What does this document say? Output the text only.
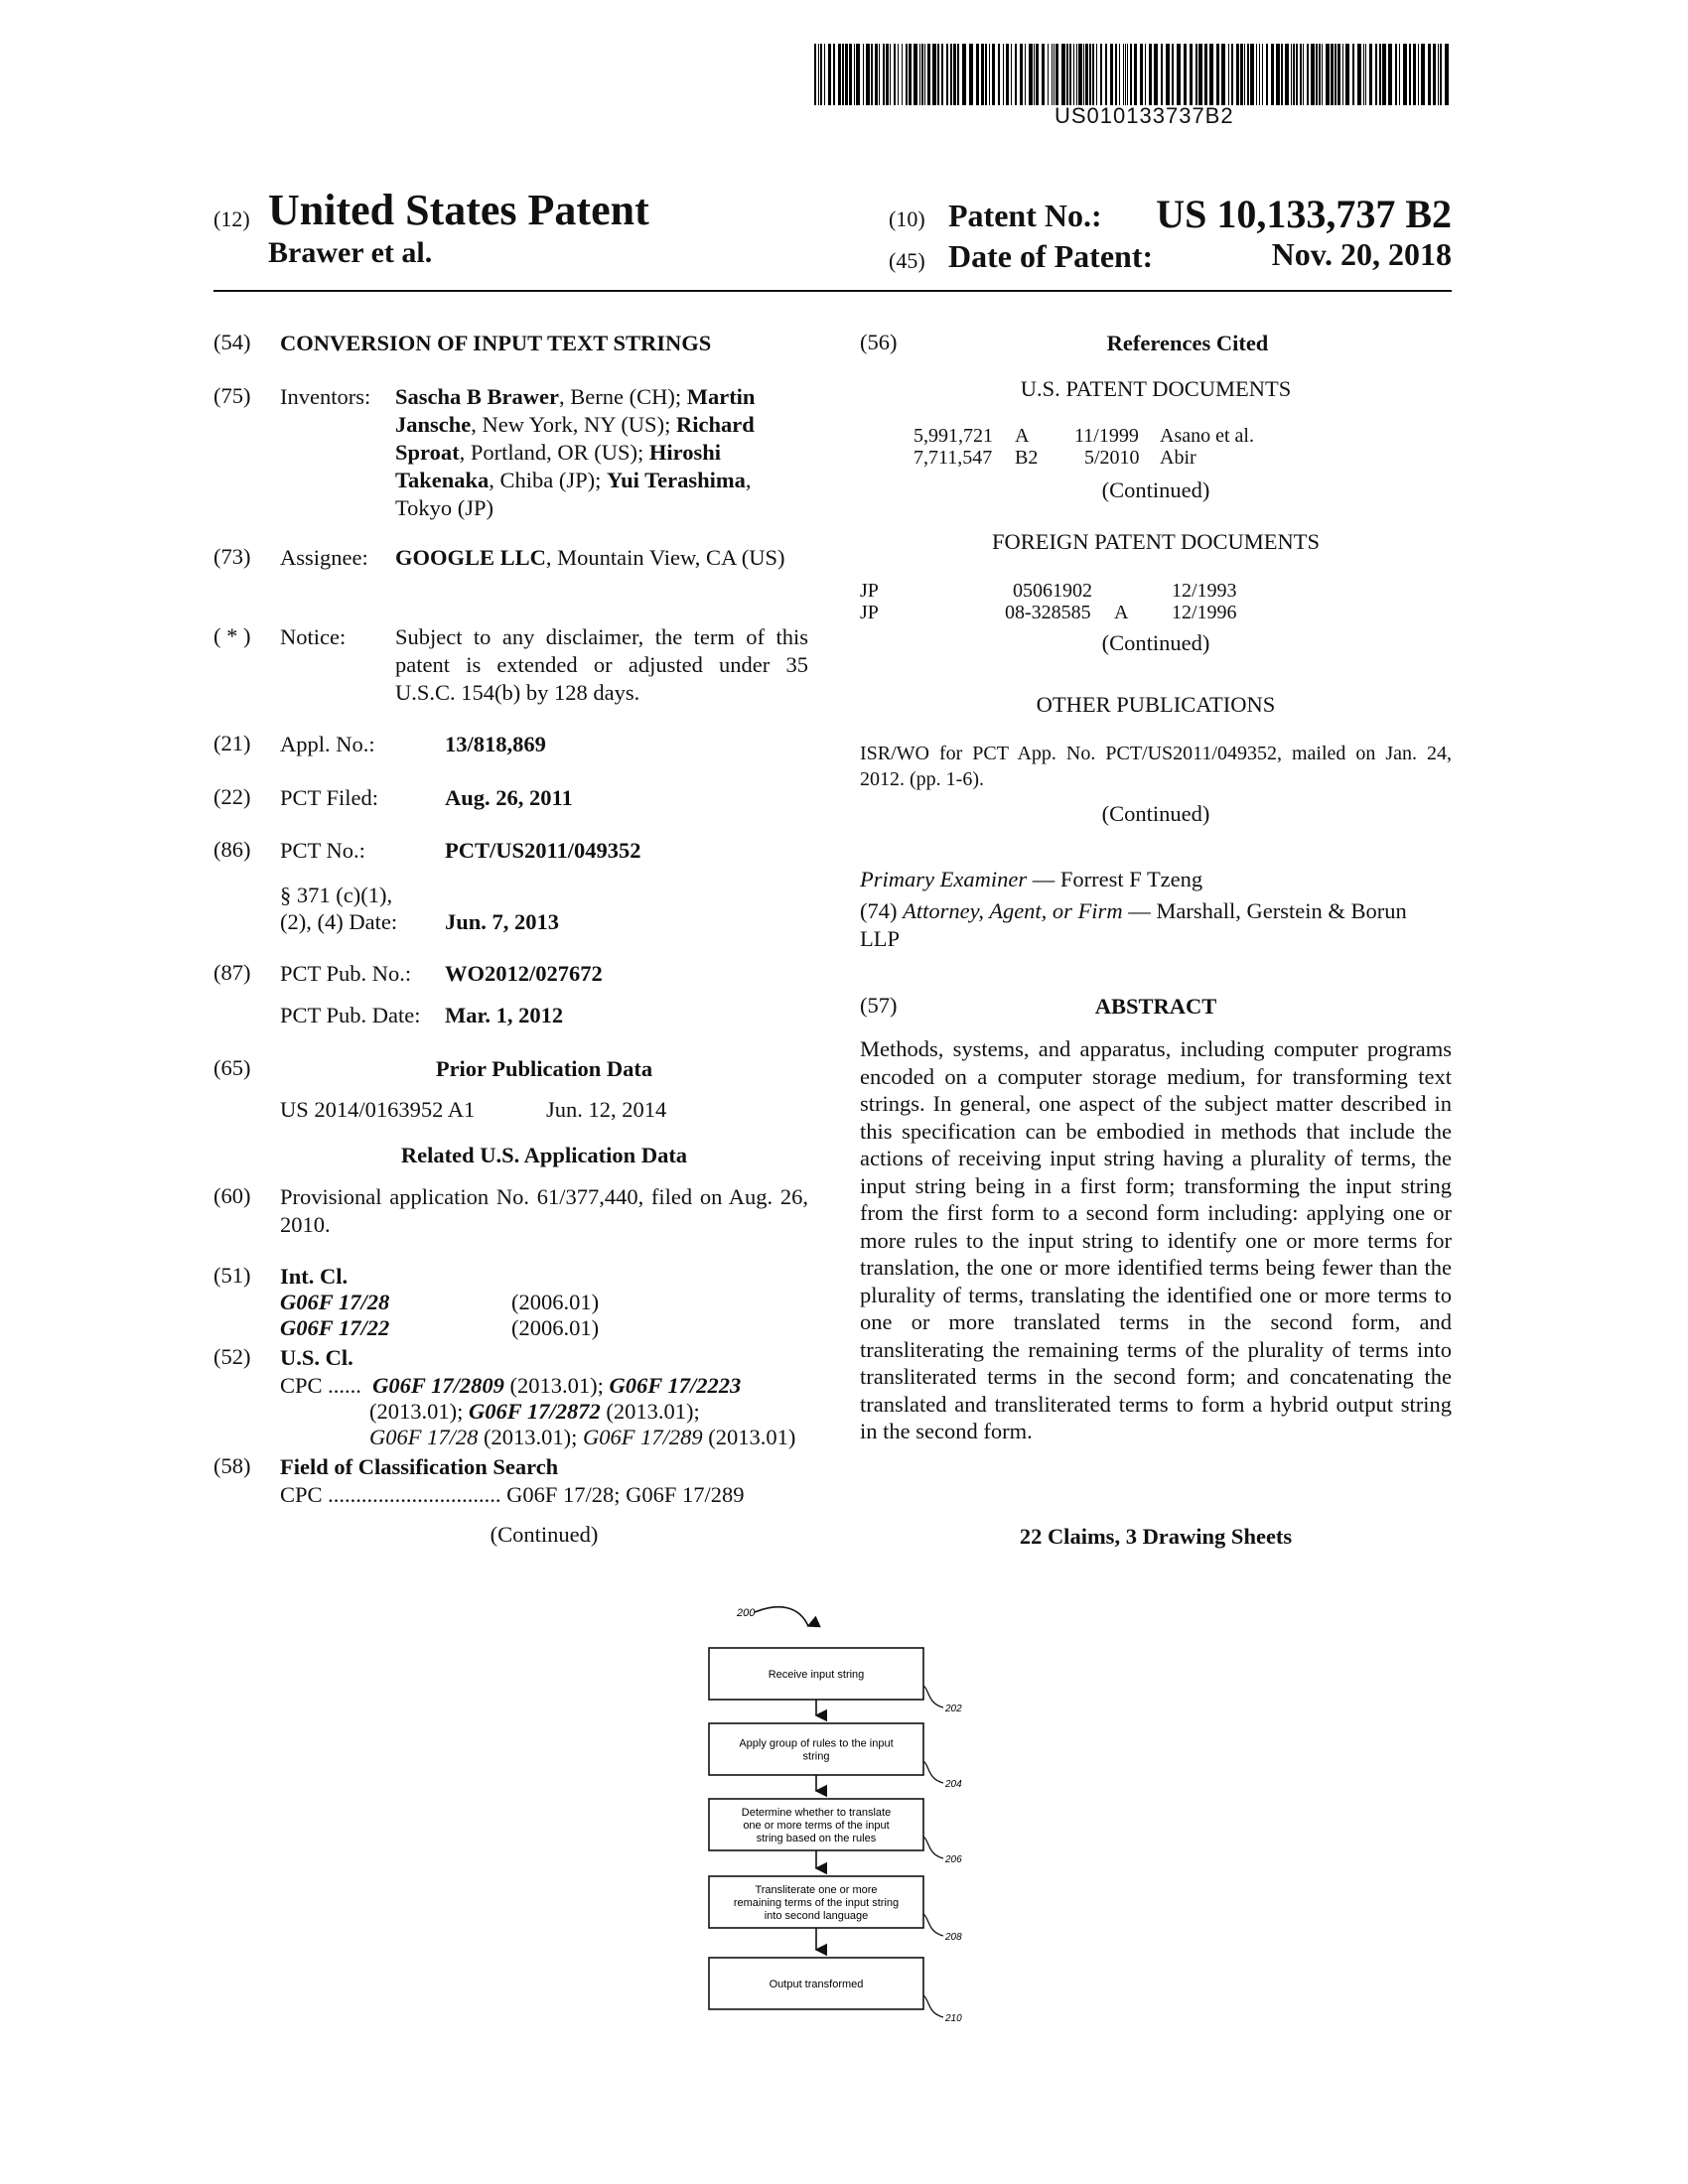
US010133737B2
(12) United States Patent
Brawer et al.
(10) Patent No.: US 10,133,737 B2
(45) Date of Patent:	Nov. 20, 2018
(54) CONVERSION OF INPUT TEXT STRINGS
(75) Inventors: Sascha B Brawer, Berne (CH); Martin Jansche, New York, NY (US); Richard Sproat, Portland, OR (US); Hiroshi Takenaka, Chiba (JP); Yui Terashima, Tokyo (JP)
(73) Assignee: GOOGLE LLC, Mountain View, CA (US)
( * ) Notice: Subject to any disclaimer, the term of this patent is extended or adjusted under 35 U.S.C. 154(b) by 128 days.
(21) Appl. No.:	13/818,869
(22) PCT Filed:	Aug. 26, 2011
(86) PCT No.:	PCT/US2011/049352
§ 371 (c)(1),
(2), (4) Date: Jun. 7, 2013
(87) PCT Pub. No.: WO2012/027672
PCT Pub. Date: Mar. 1, 2012
(65)	Prior Publication Data
US 2014/0163952 A1	Jun. 12, 2014
Related U.S. Application Data
(60) Provisional application No. 61/377,440, filed on Aug. 26, 2010.
(51) Int. Cl.
G06F 17/28	(2006.01)
G06F 17/22	(2006.01)
(52) U.S. Cl.
CPC ...... G06F 17/2809 (2013.01); G06F 17/2223
(2013.01); G06F 17/2872 (2013.01);
G06F 17/28 (2013.01); G06F 17/289 (2013.01)
(58) Field of Classification Search
CPC ............................... G06F 17/28; G06F 17/289
(Continued)
(56)	References Cited
U.S. PATENT DOCUMENTS
5,991,721 A 11/1999 Asano et al.
7,711,547 B2 5/2010 Abir
(Continued)
FOREIGN PATENT DOCUMENTS
JP	05061902	12/1993
JP	08-328585 A 12/1996
(Continued)
OTHER PUBLICATIONS
ISR/WO for PCT App. No. PCT/US2011/049352, mailed on Jan. 24, 2012. (pp. 1-6).
(Continued)
Primary Examiner — Forrest F Tzeng
(74) Attorney, Agent, or Firm — Marshall, Gerstein & Borun LLP
(57)	ABSTRACT
Methods, systems, and apparatus, including computer programs encoded on a computer storage medium, for transforming text strings. In general, one aspect of the subject matter described in this specification can be embodied in methods that include the actions of receiving input string having a plurality of terms, the input string being in a first form; transforming the input string from the first form to a second form including: applying one or more rules to the input string to identify one or more terms for translation, the one or more identified terms being fewer than the plurality of terms, translating the identified one or more terms to one or more translated terms in the second form, and transliterating the remaining terms of the plurality of terms into transliterated terms in the second form; and concatenating the translated and transliterated terms to form a hybrid output string in the second form.
22 Claims, 3 Drawing Sheets
200
Receive input string
202
Apply group of rules to the input
string
204
Determine whether to translate
one or more terms of the input
string based on the rules
206
Transliterate one or more
remaining terms of the input string
into second language
208
Output transformed
210
